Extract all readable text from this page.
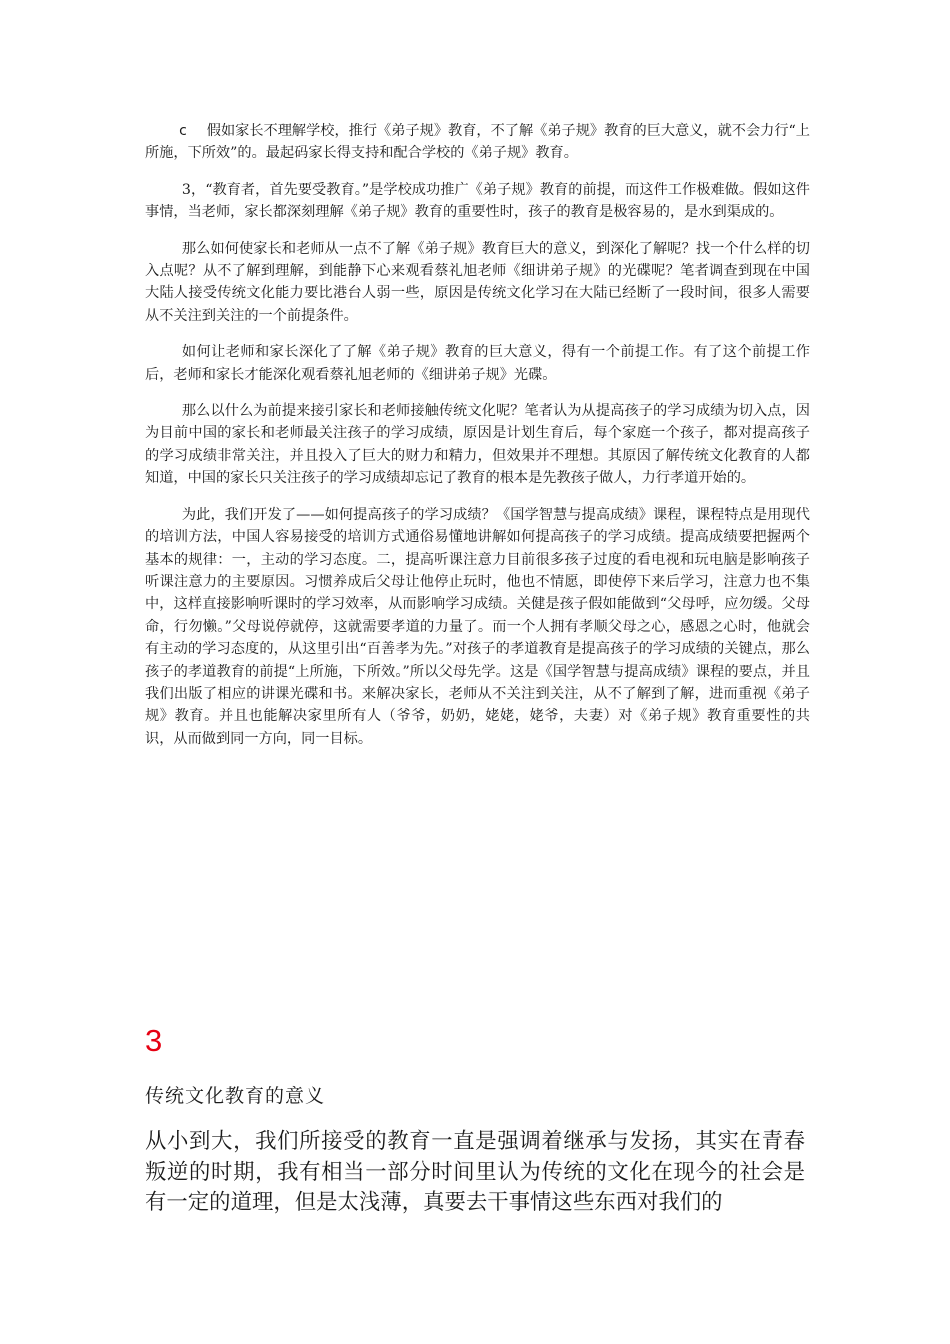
c 假如家长不理解学校，推行《弟子规》教育，不了解《弟子规》教育的巨大意义，就不会力行“上所施，下所效”的。最起码家长得支持和配合学校的《弟子规》教育。

3，“教育者，首先要受教育。”是学校成功推广《弟子规》教育的前提，而这件工作极难做。假如这件事情，当老师，家长都深刻理解《弟子规》教育的重要性时，孩子的教育是极容易的，是水到渠成的。

那么如何使家长和老师从一点不了解《弟子规》教育巨大的意义，到深化了解呢？找一个什么样的切入点呢？从不了解到理解，到能静下心来观看蔡礼旭老师《细讲弟子规》的光碟呢？笔者调查到现在中国大陆人接受传统文化能力要比港台人弱一些，原因是传统文化学习在大陆已经断了一段时间，很多人需要从不关注到关注的一个前提条件。

如何让老师和家长深化了了解《弟子规》教育的巨大意义，得有一个前提工作。有了这个前提工作后，老师和家长才能深化观看蔡礼旭老师的《细讲弟子规》光碟。

那么以什么为前提来接引家长和老师接触传统文化呢？笔者认为从提高孩子的学习成绩为切入点，因为目前中国的家长和老师最关注孩子的学习成绩，原因是计划生育后，每个家庭一个孩子，都对提高孩子的学习成绩非常关注，并且投入了巨大的财力和精力，但效果并不理想。其原因了解传统文化教育的人都知道，中国的家长只关注孩子的学习成绩却忘记了教育的根本是先教孩子做人，力行孝道开始的。

为此，我们开发了——如何提高孩子的学习成绩？《国学智慧与提高成绩》课程，课程特点是用现代的培训方法，中国人容易接受的培训方式通俗易懂地讲解如何提高孩子的学习成绩。提高成绩要把握两个基本的规律：一，主动的学习态度。二，提高听课注意力目前很多孩子过度的看电视和玩电脑是影响孩子听课注意力的主要原因。习惯养成后父母让他停止玩时，他也不情愿，即使停下来后学习，注意力也不集中，这样直接影响听课时的学习效率，从而影响学习成绩。关健是孩子假如能做到“父母呼，应勿缓。父母命，行勿懒。”父母说停就停，这就需要孝道的力量了。而一个人拥有孝顺父母之心，感恩之心时，他就会有主动的学习态度的，从这里引出“百善孝为先。”对孩子的孝道教育是提高孩子的学习成绩的关键点，那么孩子的孝道教育的前提“上所施，下所效。”所以父母先学。这是《国学智慧与提高成绩》课程的要点，并且我们出版了相应的讲课光碟和书。来解决家长，老师从不关注到关注，从不了解到了解，进而重视《弟子规》教育。并且也能解决家里所有人（爷爷，奶奶，姥姥，姥爷，夫妻）对《弟子规》教育重要性的共识，从而做到同一方向，同一目标。

3
传统文化教育的意义

从小到大，我们所接受的教育一直是强调着继承与发扬，其实在青春叛逆的时期，我有相当一部分时间里认为传统的文化在现今的社会是有一定的道理，但是太浅薄，真要去干事情这些东西对我们的
